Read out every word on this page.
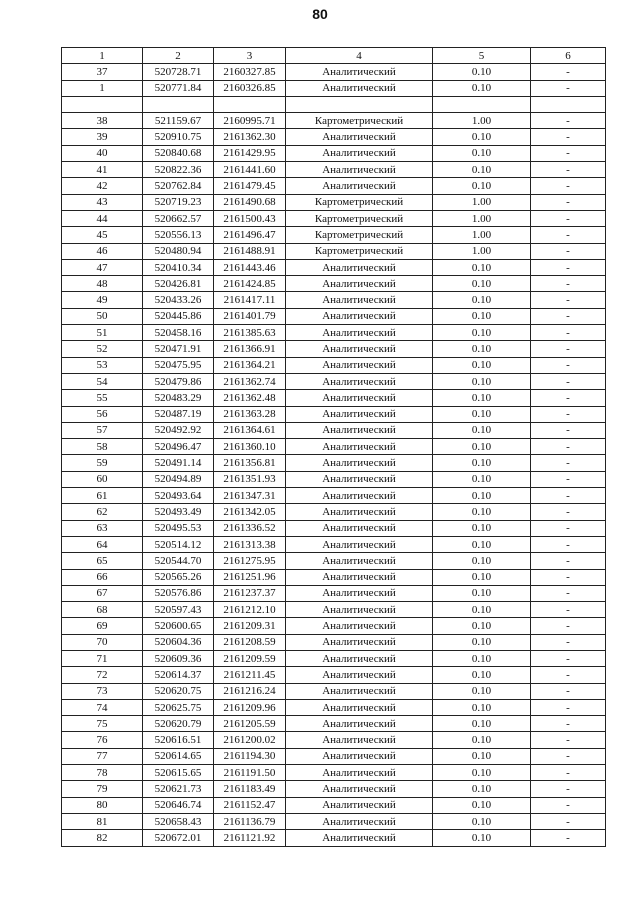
80
1	2	3	4	5	6
37	520728.71	2160327.85	Аналитический	0.10	-
1	520771.84	2160326.85	Аналитический	0.10	-

38	521159.67	2160995.71	Картометрический	1.00	-
39	520910.75	2161362.30	Аналитический	0.10	-
40	520840.68	2161429.95	Аналитический	0.10	-
41	520822.36	2161441.60	Аналитический	0.10	-
42	520762.84	2161479.45	Аналитический	0.10	-
43	520719.23	2161490.68	Картометрический	1.00	-
44	520662.57	2161500.43	Картометрический	1.00	-
45	520556.13	2161496.47	Картометрический	1.00	-
46	520480.94	2161488.91	Картометрический	1.00	-
47	520410.34	2161443.46	Аналитический	0.10	-
48	520426.81	2161424.85	Аналитический	0.10	-
49	520433.26	2161417.11	Аналитический	0.10	-
50	520445.86	2161401.79	Аналитический	0.10	-
51	520458.16	2161385.63	Аналитический	0.10	-
52	520471.91	2161366.91	Аналитический	0.10	-
53	520475.95	2161364.21	Аналитический	0.10	-
54	520479.86	2161362.74	Аналитический	0.10	-
55	520483.29	2161362.48	Аналитический	0.10	-
56	520487.19	2161363.28	Аналитический	0.10	-
57	520492.92	2161364.61	Аналитический	0.10	-
58	520496.47	2161360.10	Аналитический	0.10	-
59	520491.14	2161356.81	Аналитический	0.10	-
60	520494.89	2161351.93	Аналитический	0.10	-
61	520493.64	2161347.31	Аналитический	0.10	-
62	520493.49	2161342.05	Аналитический	0.10	-
63	520495.53	2161336.52	Аналитический	0.10	-
64	520514.12	2161313.38	Аналитический	0.10	-
65	520544.70	2161275.95	Аналитический	0.10	-
66	520565.26	2161251.96	Аналитический	0.10	-
67	520576.86	2161237.37	Аналитический	0.10	-
68	520597.43	2161212.10	Аналитический	0.10	-
69	520600.65	2161209.31	Аналитический	0.10	-
70	520604.36	2161208.59	Аналитический	0.10	-
71	520609.36	2161209.59	Аналитический	0.10	-
72	520614.37	2161211.45	Аналитический	0.10	-
73	520620.75	2161216.24	Аналитический	0.10	-
74	520625.75	2161209.96	Аналитический	0.10	-
75	520620.79	2161205.59	Аналитический	0.10	-
76	520616.51	2161200.02	Аналитический	0.10	-
77	520614.65	2161194.30	Аналитический	0.10	-
78	520615.65	2161191.50	Аналитический	0.10	-
79	520621.73	2161183.49	Аналитический	0.10	-
80	520646.74	2161152.47	Аналитический	0.10	-
81	520658.43	2161136.79	Аналитический	0.10	-
82	520672.01	2161121.92	Аналитический	0.10	-
